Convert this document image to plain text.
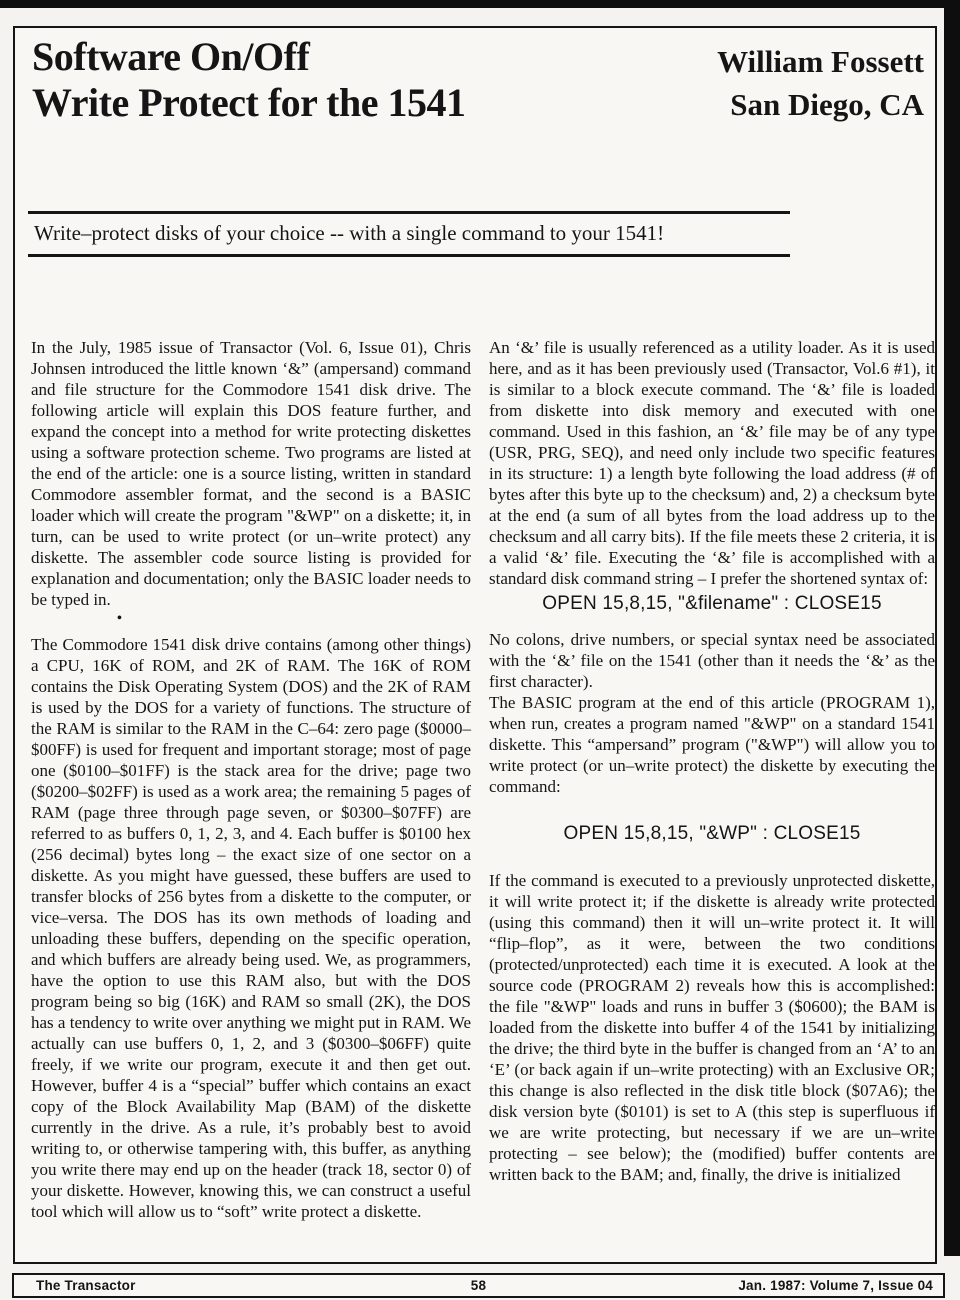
Software On/Off
Write Protect for the 1541
William Fossett
San Diego, CA
Write–protect disks of your choice -- with a single command to your 1541!

In the July, 1985 issue of Transactor (Vol. 6, Issue 01), Chris Johnsen introduced the little known ‘&” (ampersand) command and file structure for the Commodore 1541 disk drive. The following article will explain this DOS feature further, and expand the concept into a method for write protecting diskettes using a software protection scheme. Two programs are listed at the end of the article: one is a source listing, written in standard Commodore assembler format, and the second is a BASIC loader which will create the program "&WP" on a diskette; it, in turn, can be used to write protect (or un–write protect) any diskette. The assembler code source listing is provided for explanation and documentation; only the BASIC loader needs to be typed in.

•

The Commodore 1541 disk drive contains (among other things) a CPU, 16K of ROM, and 2K of RAM. The 16K of ROM contains the Disk Operating System (DOS) and the 2K of RAM is used by the DOS for a variety of functions. The structure of the RAM is similar to the RAM in the C–64: zero page ($0000–$00FF) is used for frequent and important storage; most of page one ($0100–$01FF) is the stack area for the drive; page two ($0200–$02FF) is used as a work area; the remaining 5 pages of RAM (page three through page seven, or $0300–$07FF) are referred to as buffers 0, 1, 2, 3, and 4. Each buffer is $0100 hex (256 decimal) bytes long – the exact size of one sector on a diskette. As you might have guessed, these buffers are used to transfer blocks of 256 bytes from a diskette to the computer, or vice–versa. The DOS has its own methods of loading and unloading these buffers, depending on the specific operation, and which buffers are already being used. We, as programmers, have the option to use this RAM also, but with the DOS program being so big (16K) and RAM so small (2K), the DOS has a tendency to write over anything we might put in RAM. We actually can use buffers 0, 1, 2, and 3 ($0300–$06FF) quite freely, if we write our program, execute it and then get out. However, buffer 4 is a “special” buffer which contains an exact copy of the Block Availability Map (BAM) of the diskette currently in the drive. As a rule, it’s probably best to avoid writing to, or otherwise tampering with, this buffer, as anything you write there may end up on the header (track 18, sector 0) of your diskette. However, knowing this, we can construct a useful tool which will allow us to “soft” write protect a diskette.

An ‘&’ file is usually referenced as a utility loader. As it is used here, and as it has been previously used (Transactor, Vol.6 #1), it is similar to a block execute command. The ‘&’ file is loaded from diskette into disk memory and executed with one command. Used in this fashion, an ‘&’ file may be of any type (USR, PRG, SEQ), and need only include two specific features in its structure: 1) a length byte following the load address (# of bytes after this byte up to the checksum) and, 2) a checksum byte at the end (a sum of all bytes from the load address up to the checksum and all carry bits). If the file meets these 2 criteria, it is a valid ‘&’ file. Executing the ‘&’ file is accomplished with a standard disk command string – I prefer the shortened syntax of:

OPEN 15,8,15, "&filename" : CLOSE15

No colons, drive numbers, or special syntax need be associated with the ‘&’ file on the 1541 (other than it needs the ‘&’ as the first character).

The BASIC program at the end of this article (PROGRAM 1), when run, creates a program named "&WP" on a standard 1541 diskette. This “ampersand” program ("&WP") will allow you to write protect (or un–write protect) the diskette by executing the command:

OPEN 15,8,15, "&WP" : CLOSE15

If the command is executed to a previously unprotected diskette, it will write protect it; if the diskette is already write protected (using this command) then it will un–write protect it. It will “flip–flop”, as it were, between the two conditions (protected/unprotected) each time it is executed. A look at the source code (PROGRAM 2) reveals how this is accomplished: the file "&WP" loads and runs in buffer 3 ($0600); the BAM is loaded from the diskette into buffer 4 of the 1541 by initializing the drive; the third byte in the buffer is changed from an ‘A’ to an ‘E’ (or back again if un–write protecting) with an Exclusive OR; this change is also reflected in the disk title block ($07A6); the disk version byte ($0101) is set to A (this step is superfluous if we are write protecting, but necessary if we are un–write protecting – see below); the (modified) buffer contents are written back to the BAM; and, finally, the drive is initialized

The Transactor	58	Jan. 1987: Volume 7, Issue 04
